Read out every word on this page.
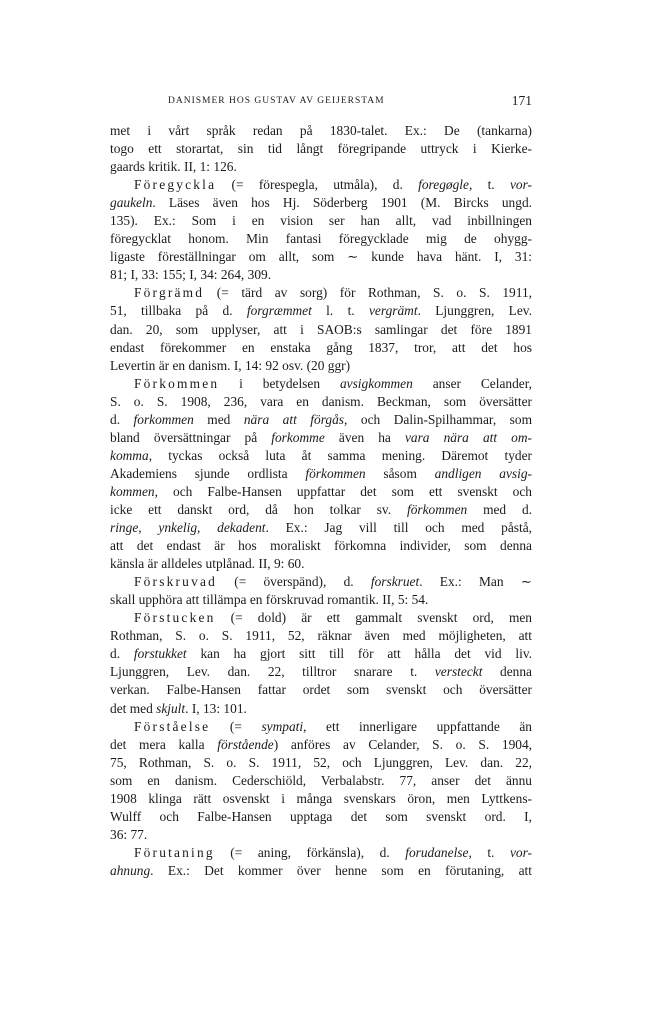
DANISMER HOS GUSTAV AV GEIJERSTAM	171
met i vårt språk redan på 1830-talet. Ex.: De (tankarna)
togo ett storartat, sin tid långt föregripande uttryck i Kierke-
gaards kritik. II, 1: 126.
Föregyckla (= förespegla, utmåla), d. foregøgle, t. vor-
gaukeln. Läses även hos Hj. Söderberg 1901 (M. Bircks ungd.
135). Ex.: Som i en vision ser han allt, vad inbillningen
föregycklat honom. Min fantasi föregycklade mig de ohygg-
ligaste föreställningar om allt, som ∼ kunde hava hänt. I, 31:
81; I, 33: 155; I, 34: 264, 309.
Förgrämd (= tärd av sorg) för Rothman, S. o. S. 1911,
51, tillbaka på d. forgræmmet l. t. vergrämt. Ljunggren, Lev.
dan. 20, som upplyser, att i SAOB:s samlingar det före 1891
endast förekommer en enstaka gång 1837, tror, att det hos
Levertin är en danism. I, 14: 92 osv. (20 ggr)
Förkommen i betydelsen avsigkommen anser Celander,
S. o. S. 1908, 236, vara en danism. Beckman, som översätter
d. forkommen med nära att förgås, och Dalin-Spilhammar, som
bland översättningar på forkomme även ha vara nära att om-
komma, tyckas också luta åt samma mening. Däremot tyder
Akademiens sjunde ordlista förkommen såsom andligen avsig-
kommen, och Falbe-Hansen uppfattar det som ett svenskt och
icke ett danskt ord, då hon tolkar sv. förkommen med d.
ringe, ynkelig, dekadent. Ex.: Jag vill till och med påstå,
att det endast är hos moraliskt förkomna individer, som denna
känsla är alldeles utplånad. II, 9: 60.
Förskruvad (= överspänd), d. forskruet. Ex.: Man ∼
skall upphöra att tillämpa en förskruvad romantik. II, 5: 54.
Förstucken (= dold) är ett gammalt svenskt ord, men
Rothman, S. o. S. 1911, 52, räknar även med möjligheten, att
d. forstukket kan ha gjort sitt till för att hålla det vid liv.
Ljunggren, Lev. dan. 22, tilltror snarare t. versteckt denna
verkan. Falbe-Hansen fattar ordet som svenskt och översätter
det med skjult. I, 13: 101.
Förståelse (= sympati, ett innerligare uppfattande än
det mera kalla förstående) anföres av Celander, S. o. S. 1904,
75, Rothman, S. o. S. 1911, 52, och Ljunggren, Lev. dan. 22,
som en danism. Cederschiöld, Verbalabstr. 77, anser det ännu
1908 klinga rätt osvenskt i många svenskars öron, men Lyttkens-
Wulff och Falbe-Hansen upptaga det som svenskt ord. I,
36: 77.
Förutaning (= aning, förkänsla), d. forudanelse, t. vor-
ahnung. Ex.: Det kommer över henne som en förutaning, att
